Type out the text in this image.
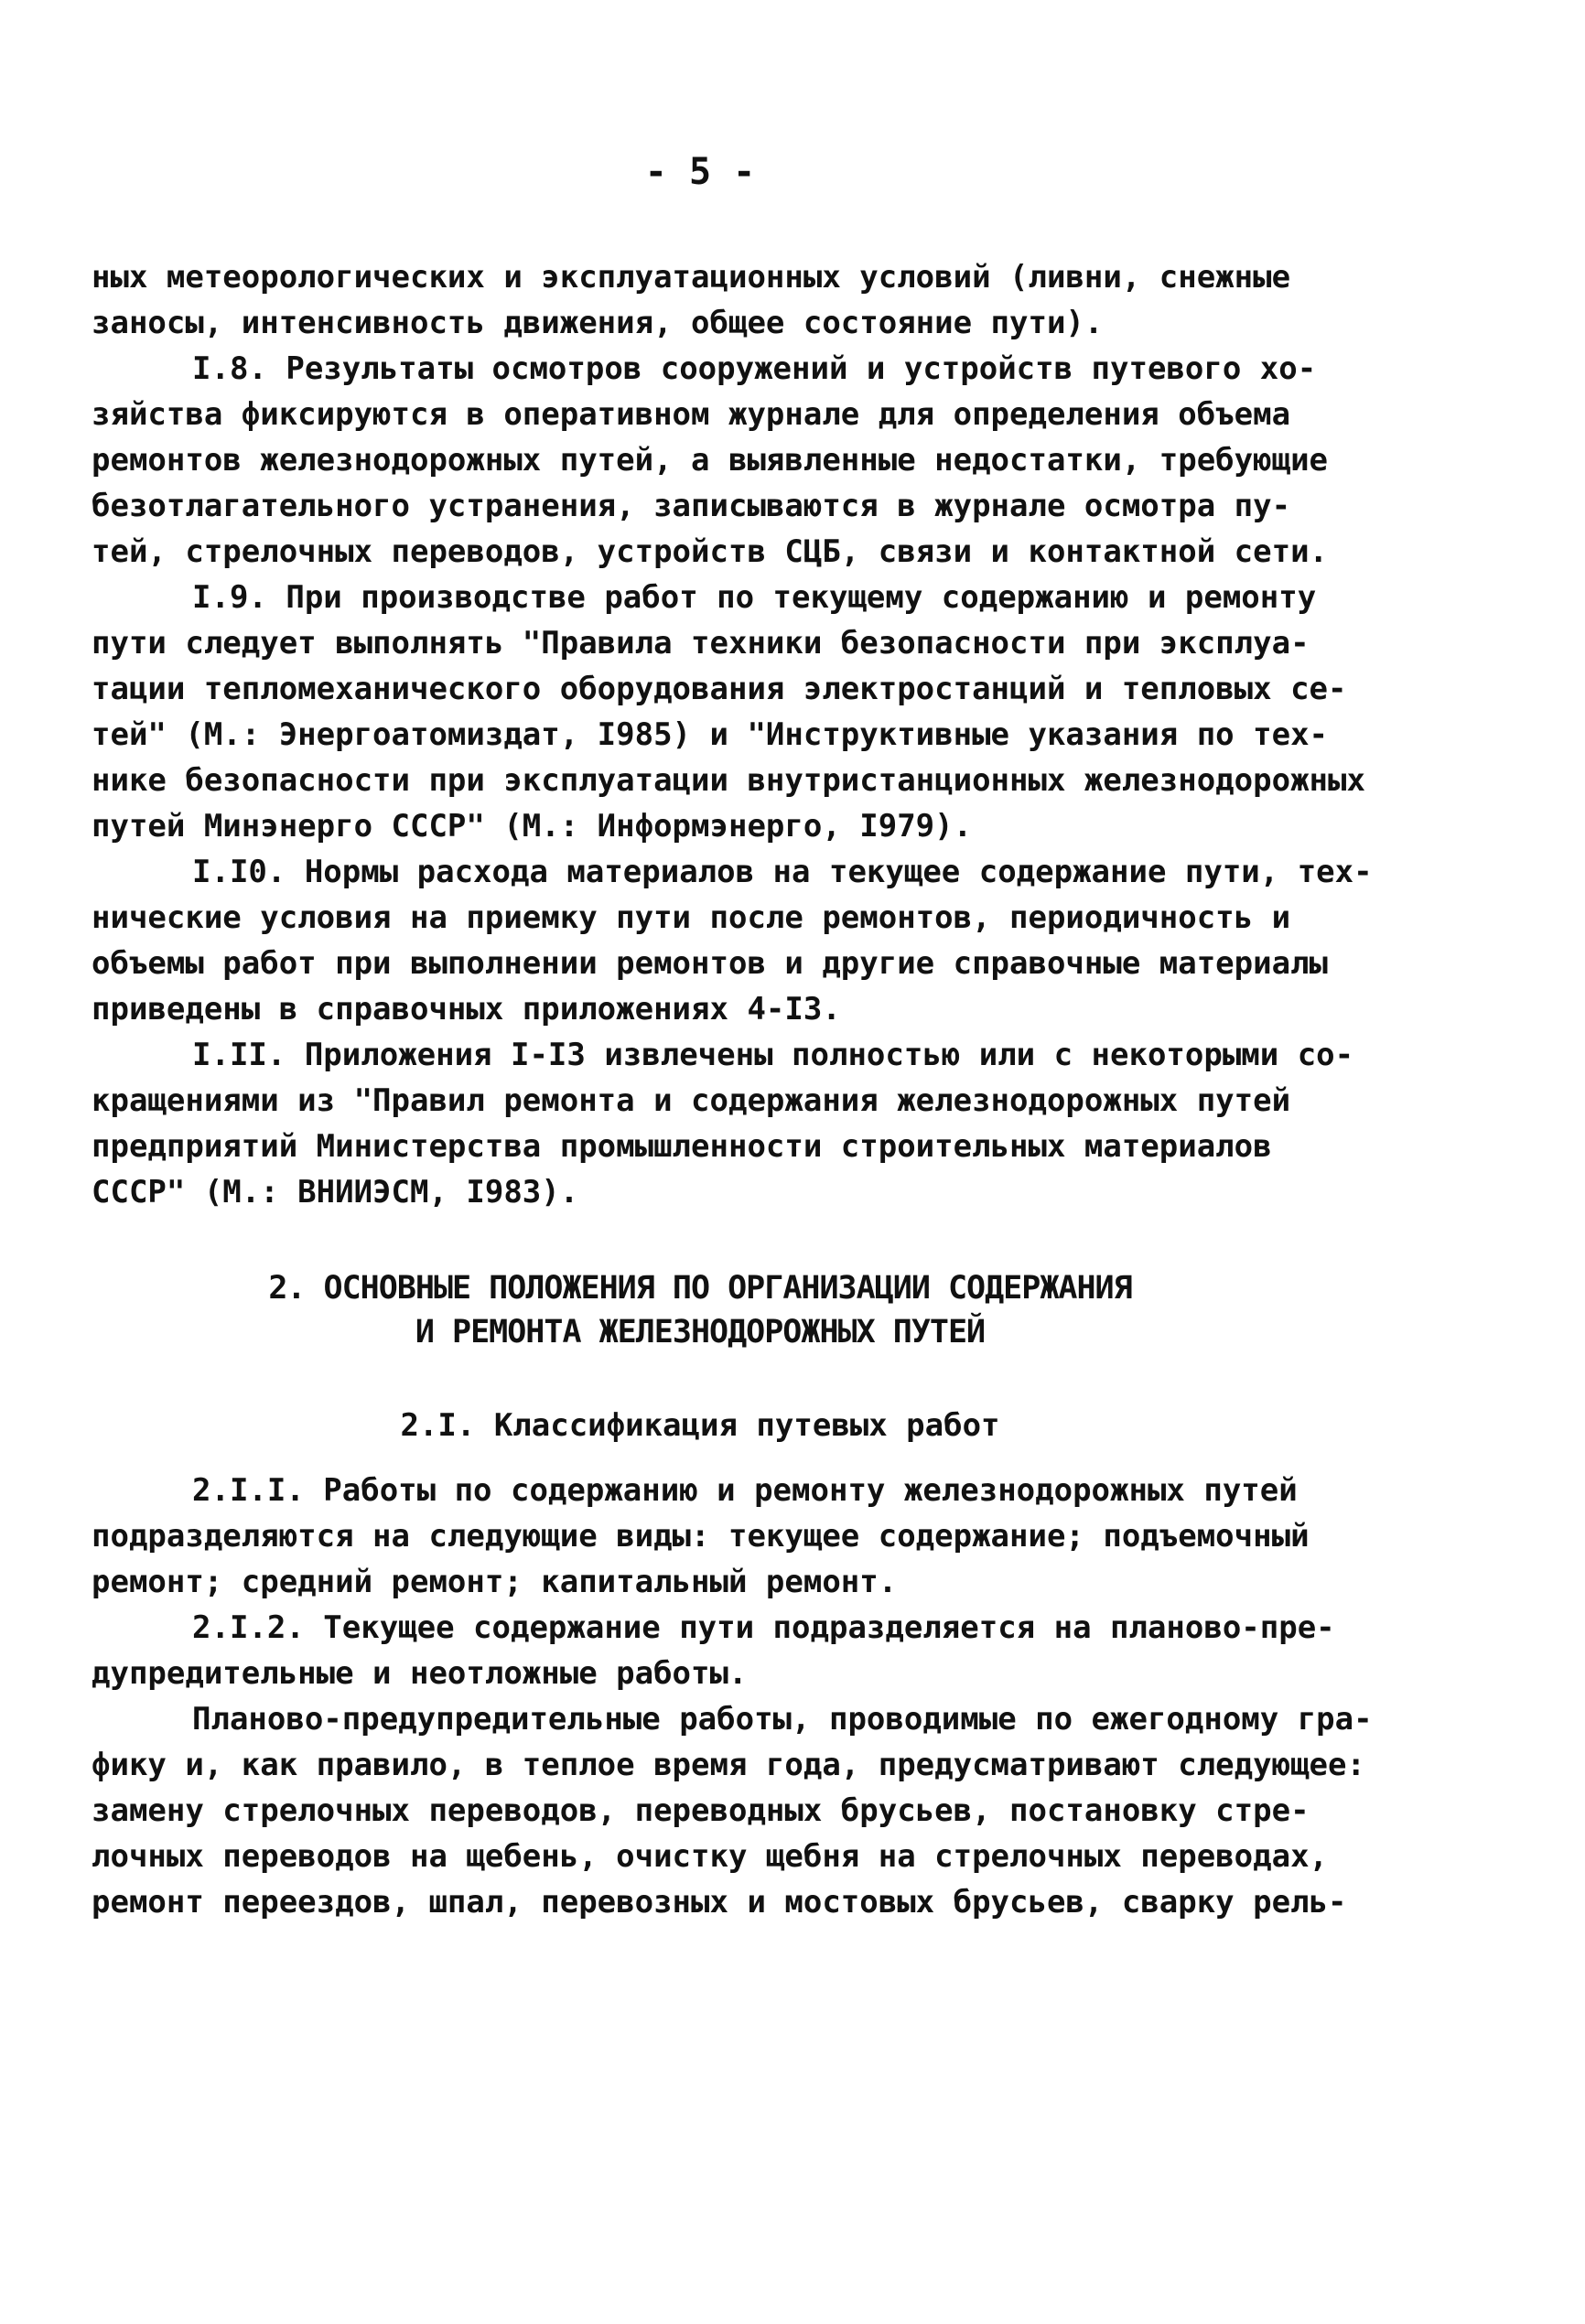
- 5 -
ных метеорологических и эксплуатационных условий (ливни, снежные
заносы, интенсивность движения, общее состояние пути).
I.8. Результаты осмотров сооружений и устройств путевого хо-
зяйства фиксируются в оперативном журнале для определения объема
ремонтов железнодорожных путей, а выявленные недостатки, требующие
безотлагательного устранения, записываются в журнале осмотра пу-
тей, стрелочных переводов, устройств СЦБ, связи и контактной сети.
I.9. При производстве работ по текущему содержанию и ремонту
пути следует выполнять "Правила техники безопасности при эксплуа-
тации тепломеханического оборудования электростанций и тепловых се-
тей" (М.: Энергоатомиздат, I985) и "Инструктивные указания по тех-
нике безопасности при эксплуатации внутристанционных железнодорожных
путей Минэнерго СССР" (М.: Информэнерго, I979).
I.I0. Нормы расхода материалов на текущее содержание пути, тех-
нические условия на приемку пути после ремонтов, периодичность и
объемы работ при выполнении ремонтов и другие справочные материалы
приведены в справочных приложениях 4-I3.
I.II. Приложения I-I3 извлечены полностью или с некоторыми со-
кращениями из "Правил ремонта и содержания железнодорожных путей
предприятий Министерства промышленности строительных материалов
СССР" (М.: ВНИИЭСМ, I983).
2. ОСНОВНЫЕ ПОЛОЖЕНИЯ ПО ОРГАНИЗАЦИИ СОДЕРЖАНИЯ
И РЕМОНТА ЖЕЛЕЗНОДОРОЖНЫХ ПУТЕЙ
2.I. Классификация путевых работ
2.I.I. Работы по содержанию и ремонту железнодорожных путей
подразделяются на следующие виды: текущее содержание; подъемочный
ремонт; средний ремонт; капитальный ремонт.
2.I.2. Текущее содержание пути подразделяется на планово-пре-
дупредительные и неотложные работы.
Планово-предупредительные работы, проводимые по ежегодному гра-
фику и, как правило, в теплое время года, предусматривают следующее:
замену стрелочных переводов, переводных брусьев, постановку стре-
лочных переводов на щебень, очистку щебня на стрелочных переводах,
ремонт переездов, шпал, перевозных и мостовых брусьев, сварку рель-
